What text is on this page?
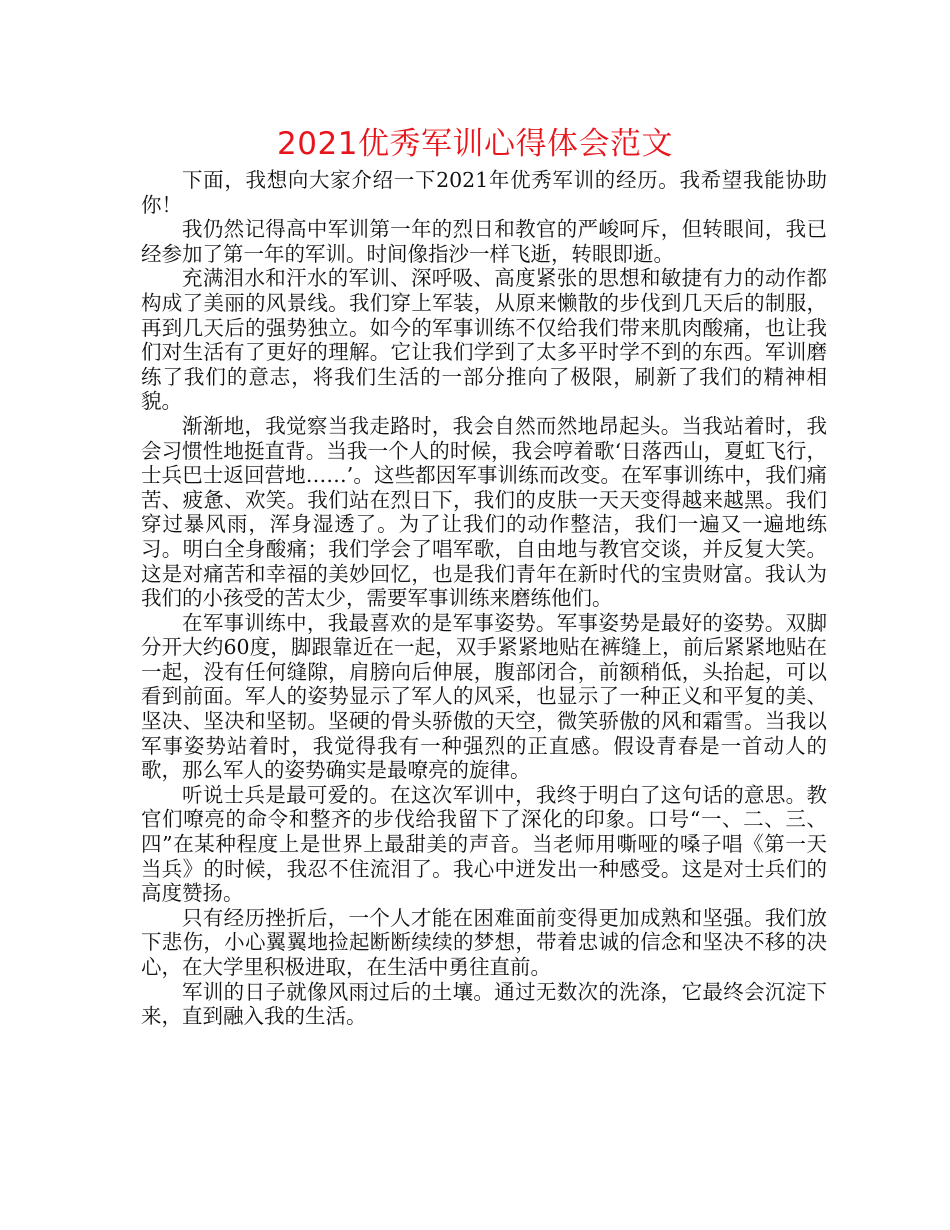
2021优秀军训心得体会范文

下面，我想向大家介绍一下2021年优秀军训的经历。我希望我能协助你！

我仍然记得高中军训第一年的烈日和教官的严峻呵斥，但转眼间，我已经参加了第一年的军训。时间像指沙一样飞逝，转眼即逝。

充满泪水和汗水的军训、深呼吸、高度紧张的思想和敏捷有力的动作都构成了美丽的风景线。我们穿上军装，从原来懒散的步伐到几天后的制服，再到几天后的强势独立。如今的军事训练不仅给我们带来肌肉酸痛，也让我们对生活有了更好的理解。它让我们学到了太多平时学不到的东西。军训磨练了我们的意志，将我们生活的一部分推向了极限，刷新了我们的精神相貌。

渐渐地，我觉察当我走路时，我会自然而然地昂起头。当我站着时，我会习惯性地挺直背。当我一个人的时候，我会哼着歌‘日落西山，夏虹飞行，士兵巴士返回营地……’。这些都因军事训练而改变。在军事训练中，我们痛苦、疲惫、欢笑。我们站在烈日下，我们的皮肤一天天变得越来越黑。我们穿过暴风雨，浑身湿透了。为了让我们的动作整洁，我们一遍又一遍地练习。明白全身酸痛；我们学会了唱军歌，自由地与教官交谈，并反复大笑。这是对痛苦和幸福的美妙回忆，也是我们青年在新时代的宝贵财富。我认为我们的小孩受的苦太少，需要军事训练来磨练他们。

在军事训练中，我最喜欢的是军事姿势。军事姿势是最好的姿势。双脚分开大约60度，脚跟靠近在一起，双手紧紧地贴在裤缝上，前后紧紧地贴在一起，没有任何缝隙，肩膀向后伸展，腹部闭合，前额稍低，头抬起，可以看到前面。军人的姿势显示了军人的风采，也显示了一种正义和平复的美、坚决、坚决和坚韧。坚硬的骨头骄傲的天空，微笑骄傲的风和霜雪。当我以军事姿势站着时，我觉得我有一种强烈的正直感。假设青春是一首动人的歌，那么军人的姿势确实是最嘹亮的旋律。

听说士兵是最可爱的。在这次军训中，我终于明白了这句话的意思。教官们嘹亮的命令和整齐的步伐给我留下了深化的印象。口号“一、二、三、四”在某种程度上是世界上最甜美的声音。当老师用嘶哑的嗓子唱《第一天当兵》的时候，我忍不住流泪了。我心中迸发出一种感受。这是对士兵们的高度赞扬。

只有经历挫折后，一个人才能在困难面前变得更加成熟和坚强。我们放下悲伤，小心翼翼地捡起断断续续的梦想，带着忠诚的信念和坚决不移的决心，在大学里积极进取，在生活中勇往直前。

军训的日子就像风雨过后的土壤。通过无数次的洗涤，它最终会沉淀下来，直到融入我的生活。
